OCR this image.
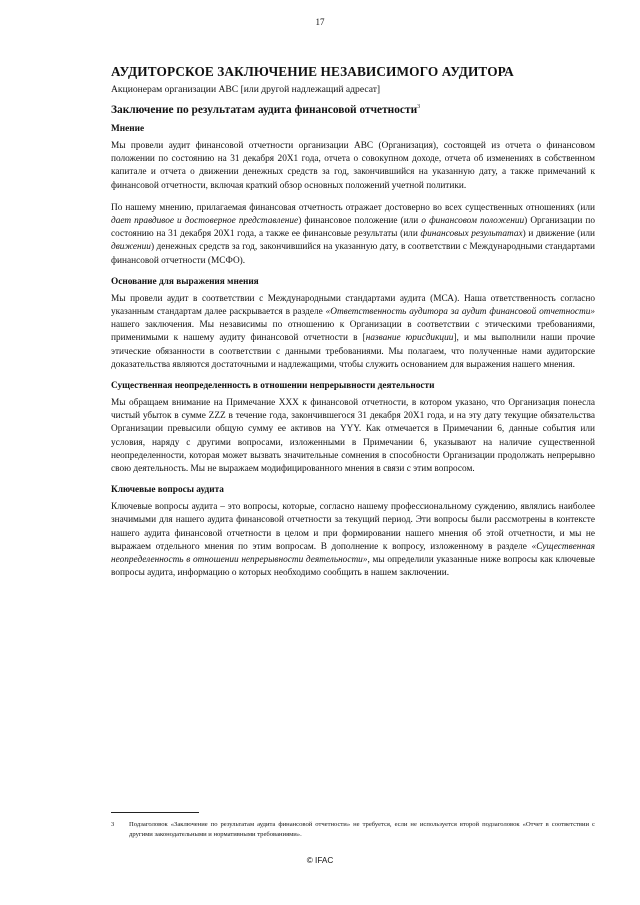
17
АУДИТОРСКОЕ ЗАКЛЮЧЕНИЕ НЕЗАВИСИМОГО АУДИТОРА
Акционерам организации ABC [или другой надлежащий адресат]
Заключение по результатам аудита финансовой отчетности$^3$
Мнение

Мы провели аудит финансовой отчетности организации ABC (Организация), состоящей из отчета о финансовом положении по состоянию на 31 декабря 20X1 года, отчета о совокупном доходе, отчета об изменениях в собственном капитале и отчета о движении денежных средств за год, закончившийся на указанную дату, а также примечаний к финансовой отчетности, включая краткий обзор основных положений учетной политики.

По нашему мнению, прилагаемая финансовая отчетность отражает достоверно во всех существенных отношениях (или дает правдивое и достоверное представление) финансовое положение (или о финансовом положении) Организации по состоянию на 31 декабря 20X1 года, а также ее финансовые результаты (или финансовых результатах) и движение (или движении) денежных средств за год, закончившийся на указанную дату, в соответствии с Международными стандартами финансовой отчетности (МСФО).

Основание для выражения мнения

Мы провели аудит в соответствии с Международными стандартами аудита (МСА). Наша ответственность согласно указанным стандартам далее раскрывается в разделе «Ответственность аудитора за аудит финансовой отчетности» нашего заключения. Мы независимы по отношению к Организации в соответствии с этическими требованиями, применимыми к нашему аудиту финансовой отчетности в [название юрисдикции], и мы выполнили наши прочие этические обязанности в соответствии с данными требованиями. Мы полагаем, что полученные нами аудиторские доказательства являются достаточными и надлежащими, чтобы служить основанием для выражения нашего мнения.

Существенная неопределенность в отношении непрерывности деятельности

Мы обращаем внимание на Примечание XXX к финансовой отчетности, в котором указано, что Организация понесла чистый убыток в сумме ZZZ в течение года, закончившегося 31 декабря 20X1 года, и на эту дату текущие обязательства Организации превысили общую сумму ее активов на YYY. Как отмечается в Примечании 6, данные события или условия, наряду с другими вопросами, изложенными в Примечании 6, указывают на наличие существенной неопределенности, которая может вызвать значительные сомнения в способности Организации продолжать непрерывно свою деятельность. Мы не выражаем модифицированного мнения в связи с этим вопросом.

Ключевые вопросы аудита

Ключевые вопросы аудита – это вопросы, которые, согласно нашему профессиональному суждению, являлись наиболее значимыми для нашего аудита финансовой отчетности за текущий период. Эти вопросы были рассмотрены в контексте нашего аудита финансовой отчетности в целом и при формировании нашего мнения об этой отчетности, и мы не выражаем отдельного мнения по этим вопросам. В дополнение к вопросу, изложенному в разделе «Существенная неопределенность в отношении непрерывности деятельности», мы определили указанные ниже вопросы как ключевые вопросы аудита, информацию о которых необходимо сообщить в нашем заключении.

3	Подзаголовок «Заключение по результатам аудита финансовой отчетности» не требуется, если не используется второй подзаголовок «Отчет в соответствии с другими законодательными и нормативными требованиями».
© IFAC
